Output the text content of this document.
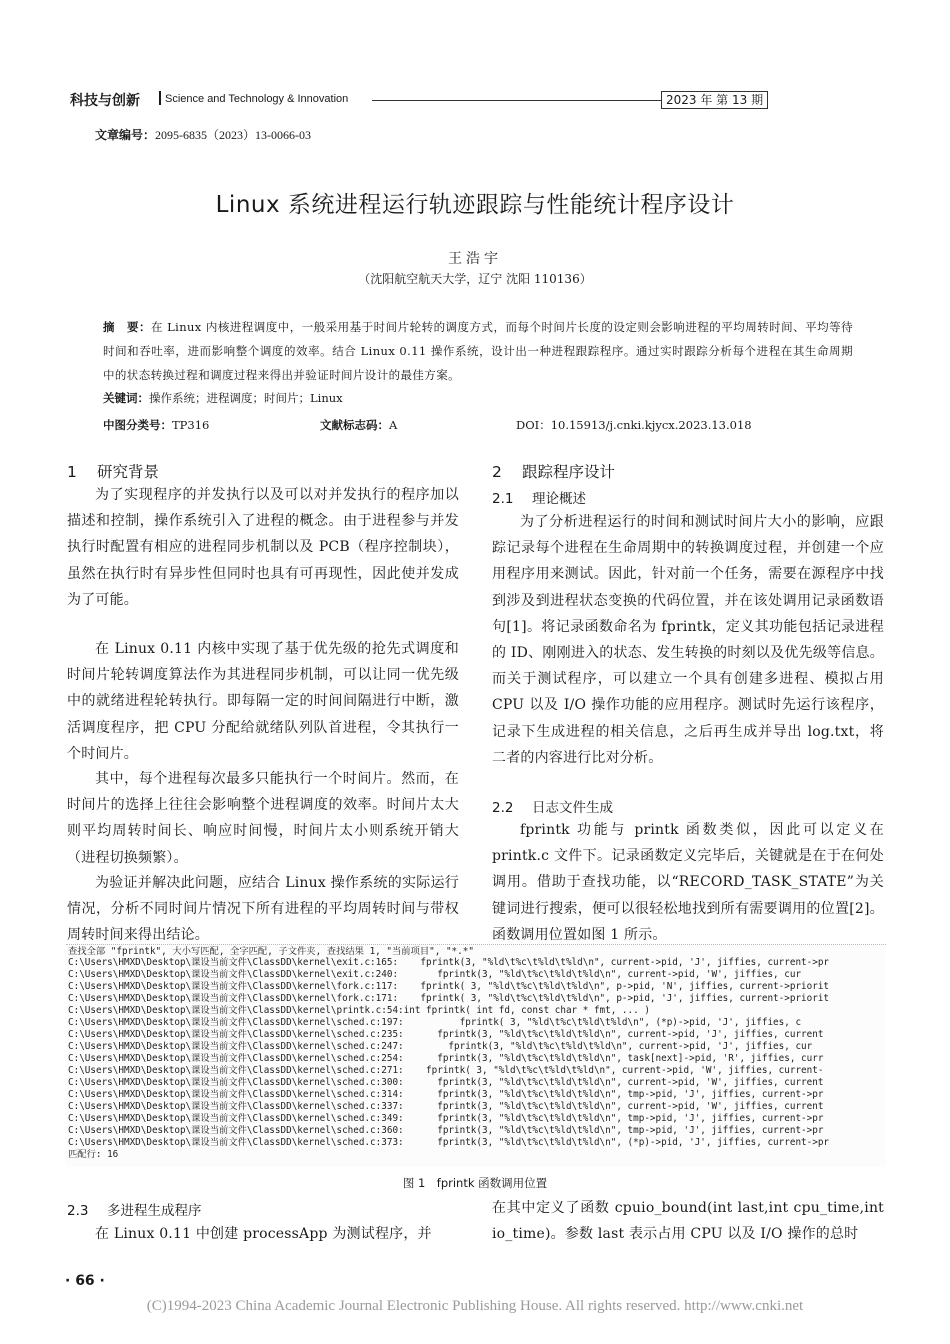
科技与创新 Science and Technology & Innovation	2023 年 第 13 期
文章编号：2095-6835（2023）13-0066-03
Linux 系统进程运行轨迹跟踪与性能统计程序设计
王浩宇
（沈阳航空航天大学，辽宁 沈阳 110136）
摘　要：在 Linux 内核进程调度中，一般采用基于时间片轮转的调度方式，而每个时间片长度的设定则会影响进程的平均周转时间、平均等待时间和吞吐率，进而影响整个调度的效率。结合 Linux 0.11 操作系统，设计出一种进程跟踪程序。通过实时跟踪分析每个进程在其生命周期中的状态转换过程和调度过程来得出并验证时间片设计的最佳方案。
关键词：操作系统；进程调度；时间片；Linux
中图分类号：TP316	文献标志码：A	DOI：10.15913/j.cnki.kjycx.2023.13.018
1 研究背景
为了实现程序的并发执行以及可以对并发执行的程序加以描述和控制，操作系统引入了进程的概念。由于进程参与并发执行时配置有相应的进程同步机制以及 PCB（程序控制块），虽然在执行时有异步性但同时也具有可再现性，因此使并发成为了可能。
在 Linux 0.11 内核中实现了基于优先级的抢先式调度和时间片轮转调度算法作为其进程同步机制，可以让同一优先级中的就绪进程轮转执行。即每隔一定的时间间隔进行中断，激活调度程序，把 CPU 分配给就绪队列队首进程，令其执行一个时间片。
其中，每个进程每次最多只能执行一个时间片。然而，在时间片的选择上往往会影响整个进程调度的效率。时间片太大则平均周转时间长、响应时间慢，时间片太小则系统开销大（进程切换频繁）。
为验证并解决此问题，应结合 Linux 操作系统的实际运行情况，分析不同时间片情况下所有进程的平均周转时间与带权周转时间来得出结论。
2 跟踪程序设计
2.1 理论概述
为了分析进程运行的时间和测试时间片大小的影响，应跟踪记录每个进程在生命周期中的转换调度过程，并创建一个应用程序用来测试。因此，针对前一个任务，需要在源程序中找到涉及到进程状态变换的代码位置，并在该处调用记录函数语句[1]。将记录函数命名为 fprintk，定义其功能包括记录进程的 ID、刚刚进入的状态、发生转换的时刻以及优先级等信息。而关于测试程序，可以建立一个具有创建多进程、模拟占用 CPU 以及 I/O 操作功能的应用程序。测试时先运行该程序，记录下生成进程的相关信息，之后再生成并导出 log.txt，将二者的内容进行比对分析。
2.2 日志文件生成
fprintk 功能与 printk 函数类似，因此可以定义在 printk.c 文件下。记录函数定义完毕后，关键就是在于在何处调用。借助于查找功能，以“RECORD_TASK_STATE”为关键词进行搜索，便可以很轻松地找到所有需要调用的位置[2]。函数调用位置如图 1 所示。
查找全部 "fprintk", 大小写匹配, 全字匹配, 子文件夹, 查找结果 1, "当前项目", "*.*"
C:\Users\HMXD\Desktop\课设当前文件\ClassDD\kernel\exit.c:165:    fprintk(3, "%ld\t%c\t%ld\t%ld\n", current->pid, 'J', jiffies, current->pr
C:\Users\HMXD\Desktop\课设当前文件\ClassDD\kernel\exit.c:240:       fprintk(3, "%ld\t%c\t%ld\t%ld\n", current->pid, 'W', jiffies, cur
C:\Users\HMXD\Desktop\课设当前文件\ClassDD\kernel\fork.c:117:    fprintk( 3, "%ld\t%c\t%ld\t%ld\n", p->pid, 'N', jiffies, current->priorit
C:\Users\HMXD\Desktop\课设当前文件\ClassDD\kernel\fork.c:171:    fprintk( 3, "%ld\t%c\t%ld\t%ld\n", p->pid, 'J', jiffies, current->priorit
C:\Users\HMXD\Desktop\课设当前文件\ClassDD\kernel\printk.c:54:int fprintk( int fd, const char * fmt, ... )
C:\Users\HMXD\Desktop\课设当前文件\ClassDD\kernel\sched.c:197:          fprintk( 3, "%ld\t%c\t%ld\t%ld\n", (*p)->pid, 'J', jiffies, c
C:\Users\HMXD\Desktop\课设当前文件\ClassDD\kernel\sched.c:235:      fprintk(3, "%ld\t%c\t%ld\t%ld\n", current->pid, 'J', jiffies, current
C:\Users\HMXD\Desktop\课设当前文件\ClassDD\kernel\sched.c:247:        fprintk(3, "%ld\t%c\t%ld\t%ld\n", current->pid, 'J', jiffies, cur
C:\Users\HMXD\Desktop\课设当前文件\ClassDD\kernel\sched.c:254:      fprintk(3, "%ld\t%c\t%ld\t%ld\n", task[next]->pid, 'R', jiffies, curr
C:\Users\HMXD\Desktop\课设当前文件\ClassDD\kernel\sched.c:271:    fprintk( 3, "%ld\t%c\t%ld\t%ld\n", current->pid, 'W', jiffies, current-
C:\Users\HMXD\Desktop\课设当前文件\ClassDD\kernel\sched.c:300:      fprintk(3, "%ld\t%c\t%ld\t%ld\n", current->pid, 'W', jiffies, current
C:\Users\HMXD\Desktop\课设当前文件\ClassDD\kernel\sched.c:314:      fprintk(3, "%ld\t%c\t%ld\t%ld\n", tmp->pid, 'J', jiffies, current->pr
C:\Users\HMXD\Desktop\课设当前文件\ClassDD\kernel\sched.c:337:      fprintk(3, "%ld\t%c\t%ld\t%ld\n", current->pid, 'W', jiffies, current
C:\Users\HMXD\Desktop\课设当前文件\ClassDD\kernel\sched.c:349:      fprintk(3, "%ld\t%c\t%ld\t%ld\n", tmp->pid, 'J', jiffies, current->pr
C:\Users\HMXD\Desktop\课设当前文件\ClassDD\kernel\sched.c:360:      fprintk(3, "%ld\t%c\t%ld\t%ld\n", tmp->pid, 'J', jiffies, current->pr
C:\Users\HMXD\Desktop\课设当前文件\ClassDD\kernel\sched.c:373:      fprintk(3, "%ld\t%c\t%ld\t%ld\n", (*p)->pid, 'J', jiffies, current->pr
匹配行: 16
图 1　fprintk 函数调用位置
2.3 多进程生成程序
在 Linux 0.11 中创建 processApp 为测试程序，并
在其中定义了函数 cpuio_bound(int last,int cpu_time,int io_time)。参数 last 表示占用 CPU 以及 I/O 操作的总时
· 66 ·
(C)1994-2023 China Academic Journal Electronic Publishing House. All rights reserved. http://www.cnki.net
